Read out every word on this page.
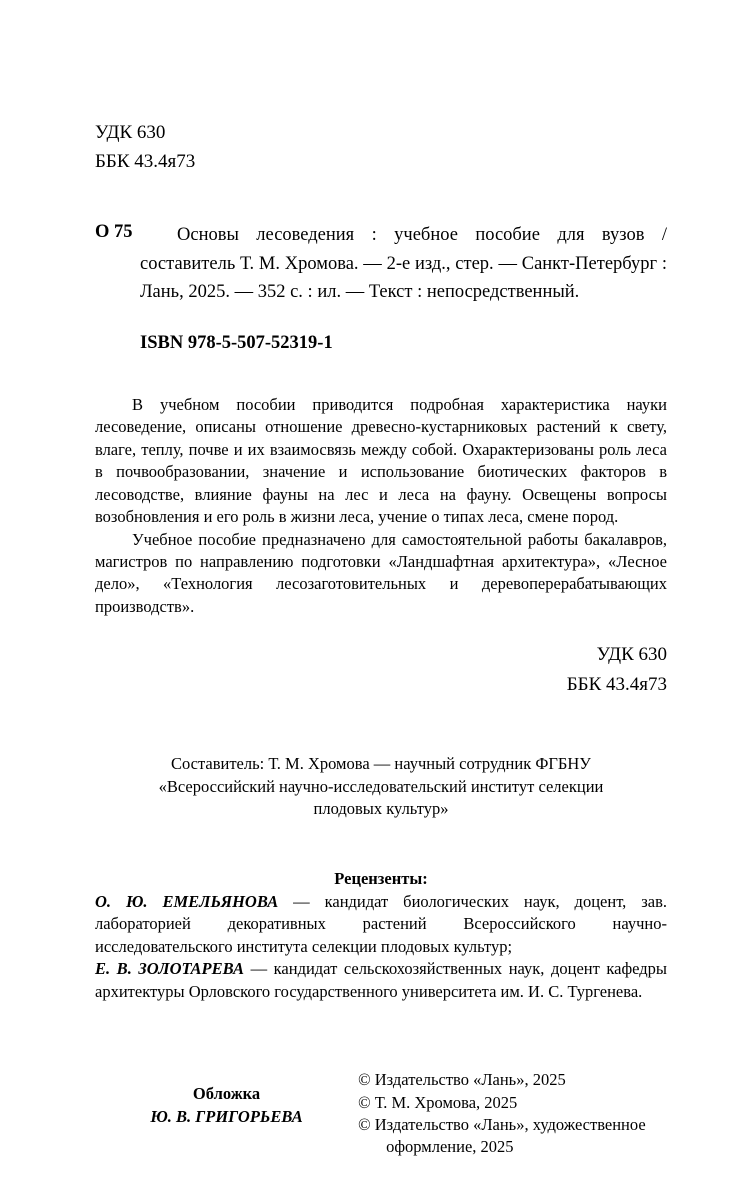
УДК 630
ББК 43.4я73
О 75	Основы лесоведения : учебное пособие для вузов / составитель Т. М. Хромова. — 2-е изд., стер. — Санкт-Петербург : Лань, 2025. — 352 с. : ил. — Текст : непосредственный.

ISBN 978-5-507-52319-1

В учебном пособии приводится подробная характеристика науки лесоведение, описаны отношение древесно-кустарниковых растений к свету, влаге, теплу, почве и их взаимосвязь между собой. Охарактеризованы роль леса в почвообразовании, значение и использование биотических факторов в лесоводстве, влияние фауны на лес и леса на фауну. Освещены вопросы возобновления и его роль в жизни леса, учение о типах леса, смене пород.

Учебное пособие предназначено для самостоятельной работы бакалавров, магистров по направлению подготовки «Ландшафтная архитектура», «Лесное дело», «Технология лесозаготовительных и деревоперерабатывающих производств».

УДК 630
ББК 43.4я73

Составитель: Т. М. Хромова — научный сотрудник ФГБНУ «Всероссийский научно-исследовательский институт селекции плодовых культур»

Рецензенты:

О. Ю. ЕМЕЛЬЯНОВА — кандидат биологических наук, доцент, зав. лабораторией декоративных растений Всероссийского научно-исследовательского института селекции плодовых культур;

Е. В. ЗОЛОТАРЕВА — кандидат сельскохозяйственных наук, доцент кафедры архитектуры Орловского государственного университета им. И. С. Тургенева.

Обложка
Ю. В. ГРИГОРЬЕВА
© Издательство «Лань», 2025
© Т. М. Хромова, 2025
© Издательство «Лань», художественное оформление, 2025
